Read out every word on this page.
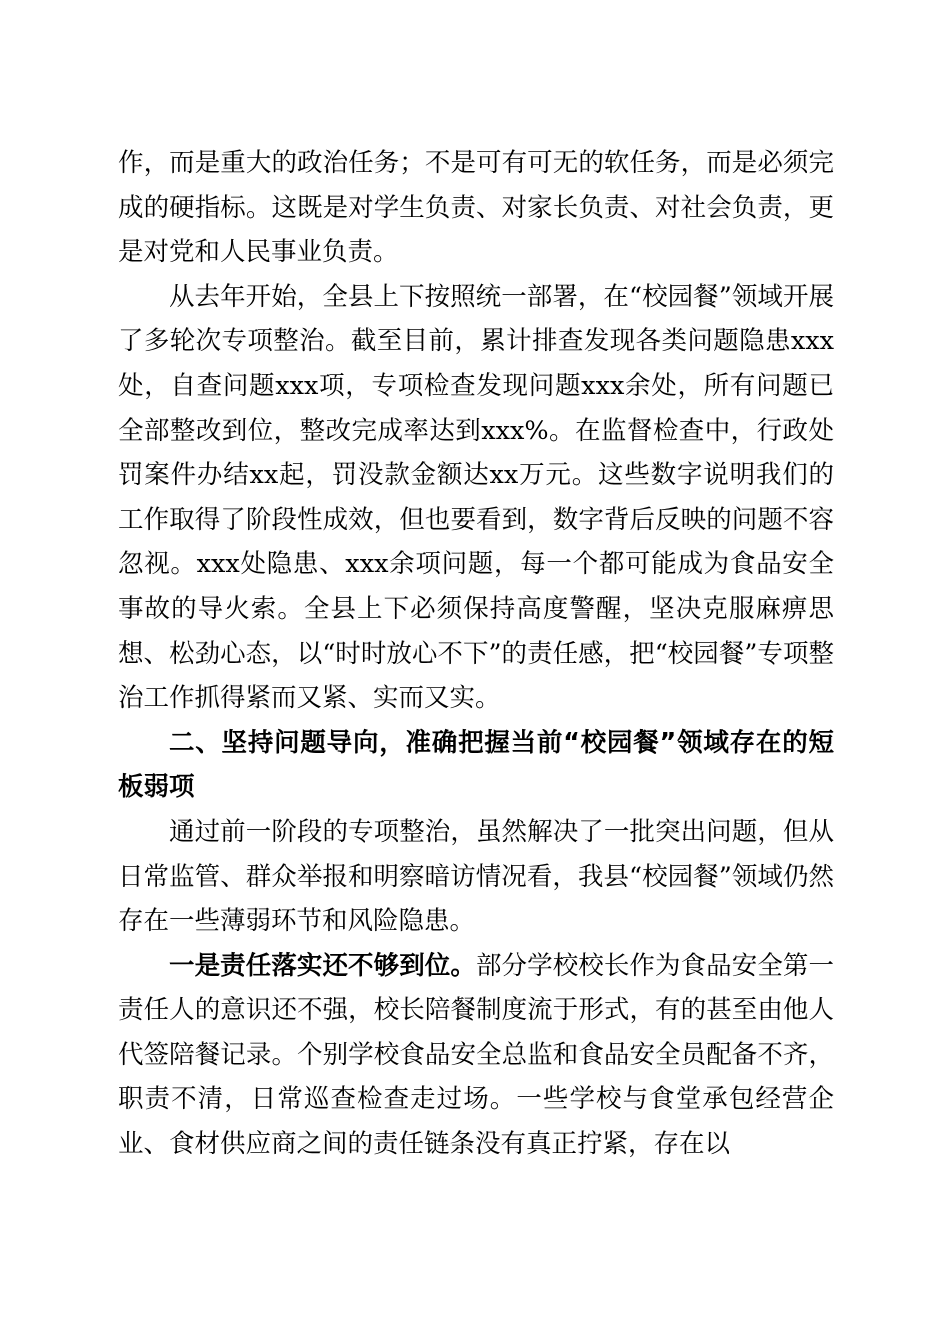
作，而是重大的政治任务；不是可有可无的软任务，而是必须完成的硬指标。这既是对学生负责、对家长负责、对社会负责，更是对党和人民事业负责。

从去年开始，全县上下按照统一部署，在“校园餐”领域开展了多轮次专项整治。截至目前，累计排查发现各类问题隐患xxx处，自查问题xxx项，专项检查发现问题xxx余处，所有问题已全部整改到位，整改完成率达到xxx%。在监督检查中，行政处罚案件办结xx起，罚没款金额达xx万元。这些数字说明我们的工作取得了阶段性成效，但也要看到，数字背后反映的问题不容忽视。xxx处隐患、xxx余项问题，每一个都可能成为食品安全事故的导火索。全县上下必须保持高度警醒，坚决克服麻痹思想、松劲心态，以“时时放心不下”的责任感，把“校园餐”专项整治工作抓得紧而又紧、实而又实。

二、坚持问题导向，准确把握当前“校园餐”领域存在的短板弱项

通过前一阶段的专项整治，虽然解决了一批突出问题，但从日常监管、群众举报和明察暗访情况看，我县“校园餐”领域仍然存在一些薄弱环节和风险隐患。

一是责任落实还不够到位。部分学校校长作为食品安全第一责任人的意识还不强，校长陪餐制度流于形式，有的甚至由他人代签陪餐记录。个别学校食品安全总监和食品安全员配备不齐，职责不清，日常巡查检查走过场。一些学校与食堂承包经营企业、食材供应商之间的责任链条没有真正拧紧，存在以
